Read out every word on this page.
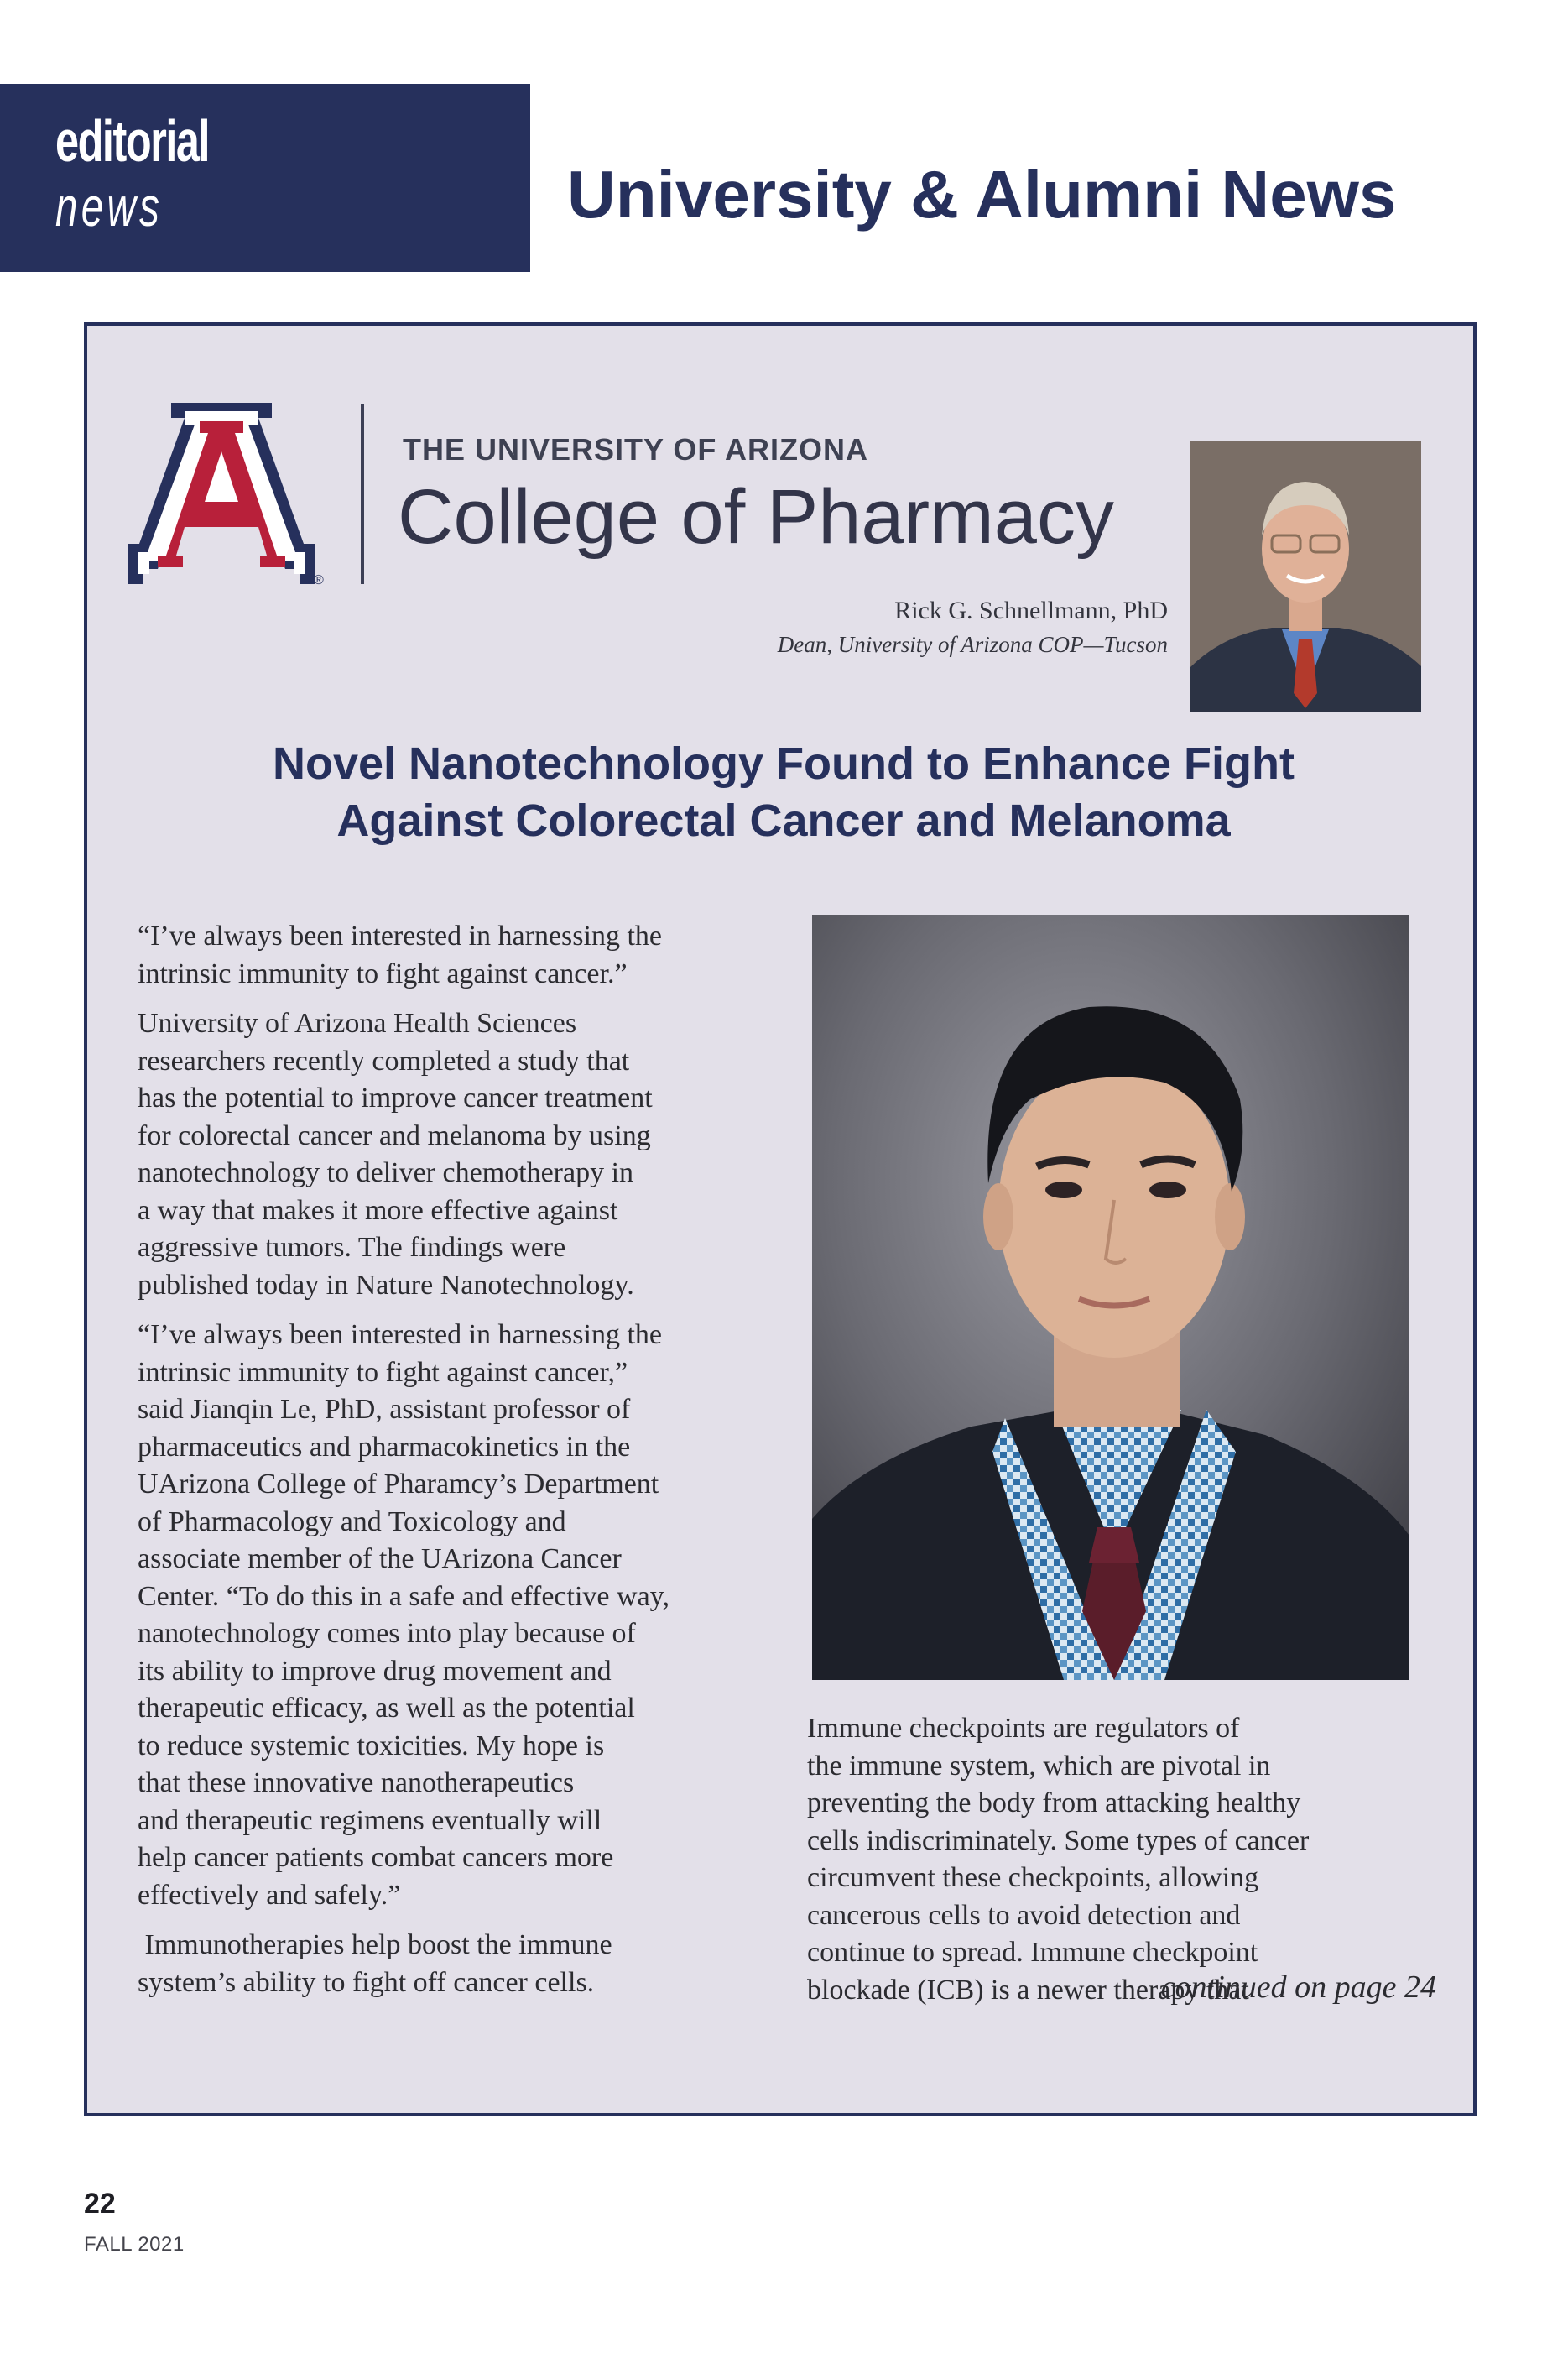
editorial
news	University & Alumni News
®
THE UNIVERSITY OF ARIZONA
College of Pharmacy
Rick G. Schnellmann, PhD
Dean, University of Arizona COP—Tucson
Novel Nanotechnology Found to Enhance Fight
Against Colorectal Cancer and Melanoma

“I’ve always been interested in harnessing the
intrinsic immunity to fight against cancer.”

University of Arizona Health Sciences
researchers recently completed a study that
has the potential to improve cancer treatment
for colorectal cancer and melanoma by using
nanotechnology to deliver chemotherapy in
a way that makes it more effective against
aggressive tumors. The findings were
published today in Nature Nanotechnology.

“I’ve always been interested in harnessing the
intrinsic immunity to fight against cancer,”
said Jianqin Le, PhD, assistant professor of
pharmaceutics and pharmacokinetics in the
UArizona College of Pharamcy’s Department
of Pharmacology and Toxicology and
associate member of the UArizona Cancer
Center. “To do this in a safe and effective way,
nanotechnology comes into play because of
its ability to improve drug movement and
therapeutic efficacy, as well as the potential
to reduce systemic toxicities. My hope is
that these innovative nanotherapeutics
and therapeutic regimens eventually will
help cancer patients combat cancers more
effectively and safely.”

Immunotherapies help boost the immune
system’s ability to fight off cancer cells.

Immune checkpoints are regulators of
the immune system, which are pivotal in
preventing the body from attacking healthy
cells indiscriminately. Some types of cancer
circumvent these checkpoints, allowing
cancerous cells to avoid detection and
continue to spread. Immune checkpoint
blockade (ICB) is a newer therapy that

continued on page 24
22
FALL 2021
